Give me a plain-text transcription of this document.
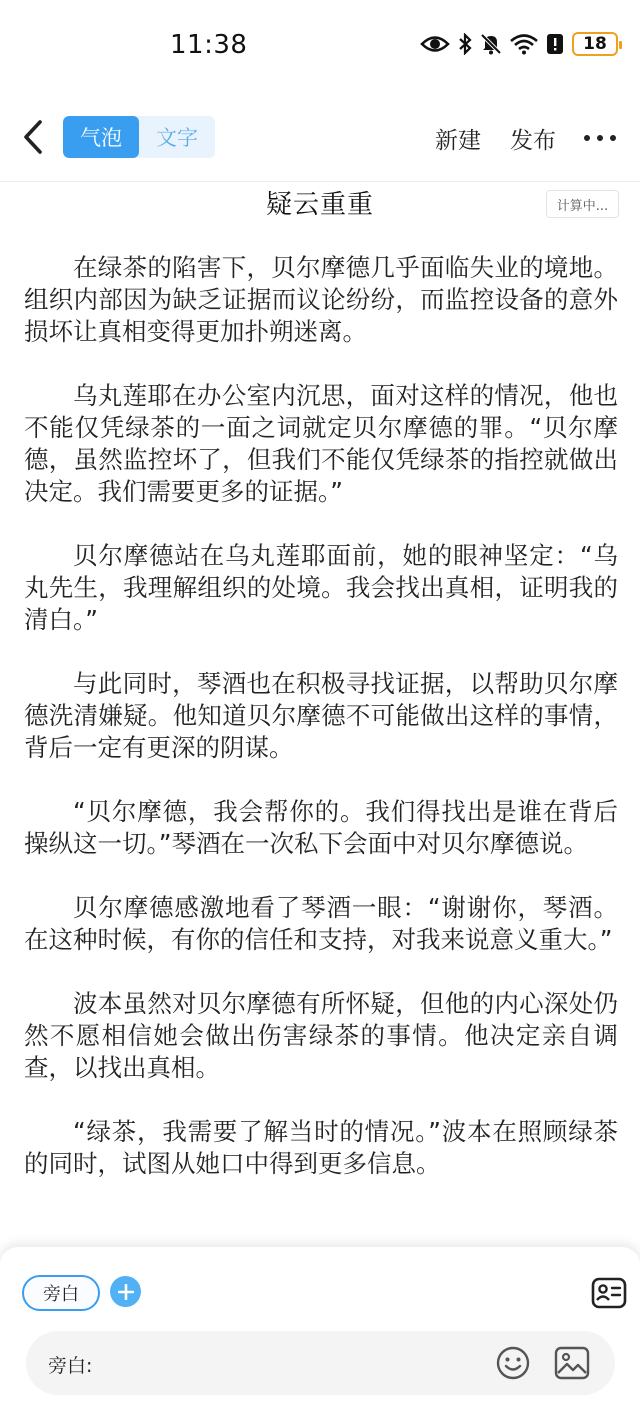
11:38	18
气泡	文字	新建 发布
疑云重重	计算中...

在绿茶的陷害下，贝尔摩德几乎面临失业的境地。组织内部因为缺乏证据而议论纷纷，而监控设备的意外损坏让真相变得更加扑朔迷离。

乌丸莲耶在办公室内沉思，面对这样的情况，他也不能仅凭绿茶的一面之词就定贝尔摩德的罪。“贝尔摩德，虽然监控坏了，但我们不能仅凭绿茶的指控就做出决定。我们需要更多的证据。”

贝尔摩德站在乌丸莲耶面前，她的眼神坚定：“乌丸先生，我理解组织的处境。我会找出真相，证明我的清白。”

与此同时，琴酒也在积极寻找证据，以帮助贝尔摩德洗清嫌疑。他知道贝尔摩德不可能做出这样的事情，背后一定有更深的阴谋。

“贝尔摩德，我会帮你的。我们得找出是谁在背后操纵这一切。”琴酒在一次私下会面中对贝尔摩德说。

贝尔摩德感激地看了琴酒一眼：“谢谢你，琴酒。在这种时候，有你的信任和支持，对我来说意义重大。”

波本虽然对贝尔摩德有所怀疑，但他的内心深处仍然不愿相信她会做出伤害绿茶的事情。他决定亲自调查，以找出真相。

“绿茶，我需要了解当时的情况。”波本在照顾绿茶的同时，试图从她口中得到更多信息。

旁白
旁白:
